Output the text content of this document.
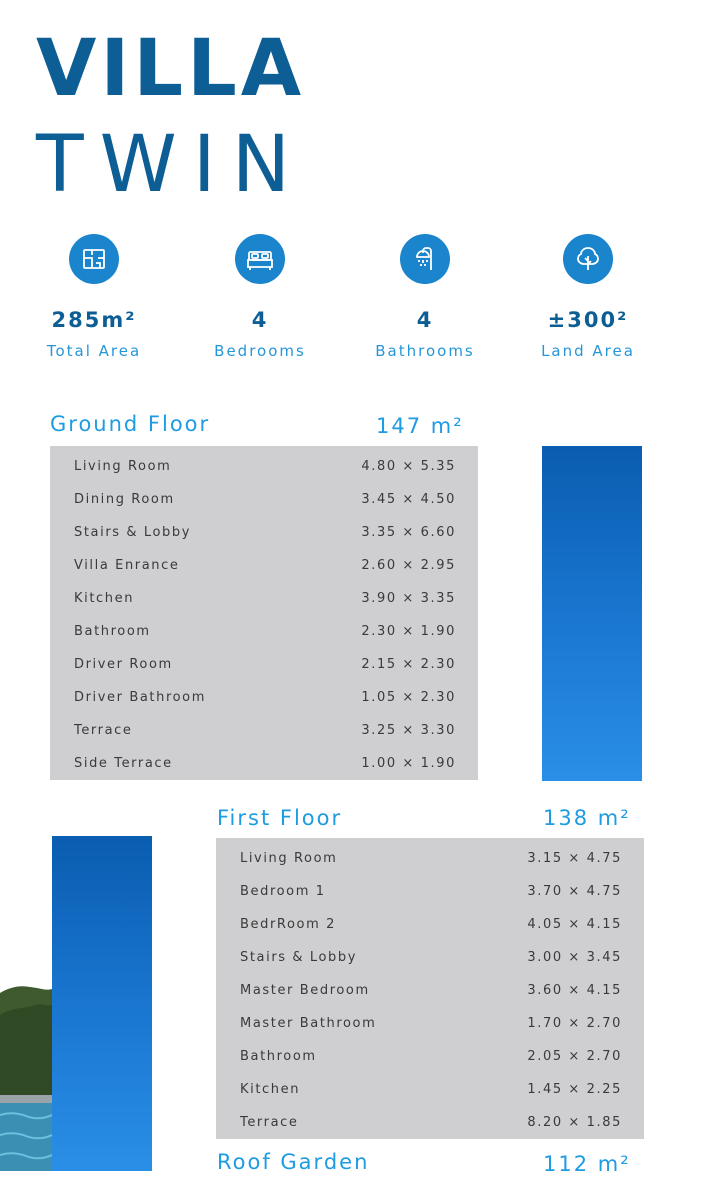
VILLA
TWIN
285m²
Total Area
4
Bedrooms
4
Bathrooms
±300²
Land Area
Ground Floor	147 m²
Living Room	4.80 × 5.35
Dining Room	3.45 × 4.50
Stairs & Lobby	3.35 × 6.60
Villa Enrance	2.60 × 2.95
Kitchen	3.90 × 3.35
Bathroom	2.30 × 1.90
Driver Room	2.15 × 2.30
Driver Bathroom	1.05 × 2.30
Terrace	3.25 × 3.30
Side Terrace	1.00 × 1.90
First Floor	138 m²
Living Room	3.15 × 4.75
Bedroom 1	3.70 × 4.75
BedrRoom 2	4.05 × 4.15
Stairs & Lobby	3.00 × 3.45
Master Bedroom	3.60 × 4.15
Master Bathroom	1.70 × 2.70
Bathroom	2.05 × 2.70
Kitchen	1.45 × 2.25
Terrace	8.20 × 1.85
Roof Garden	112 m²
